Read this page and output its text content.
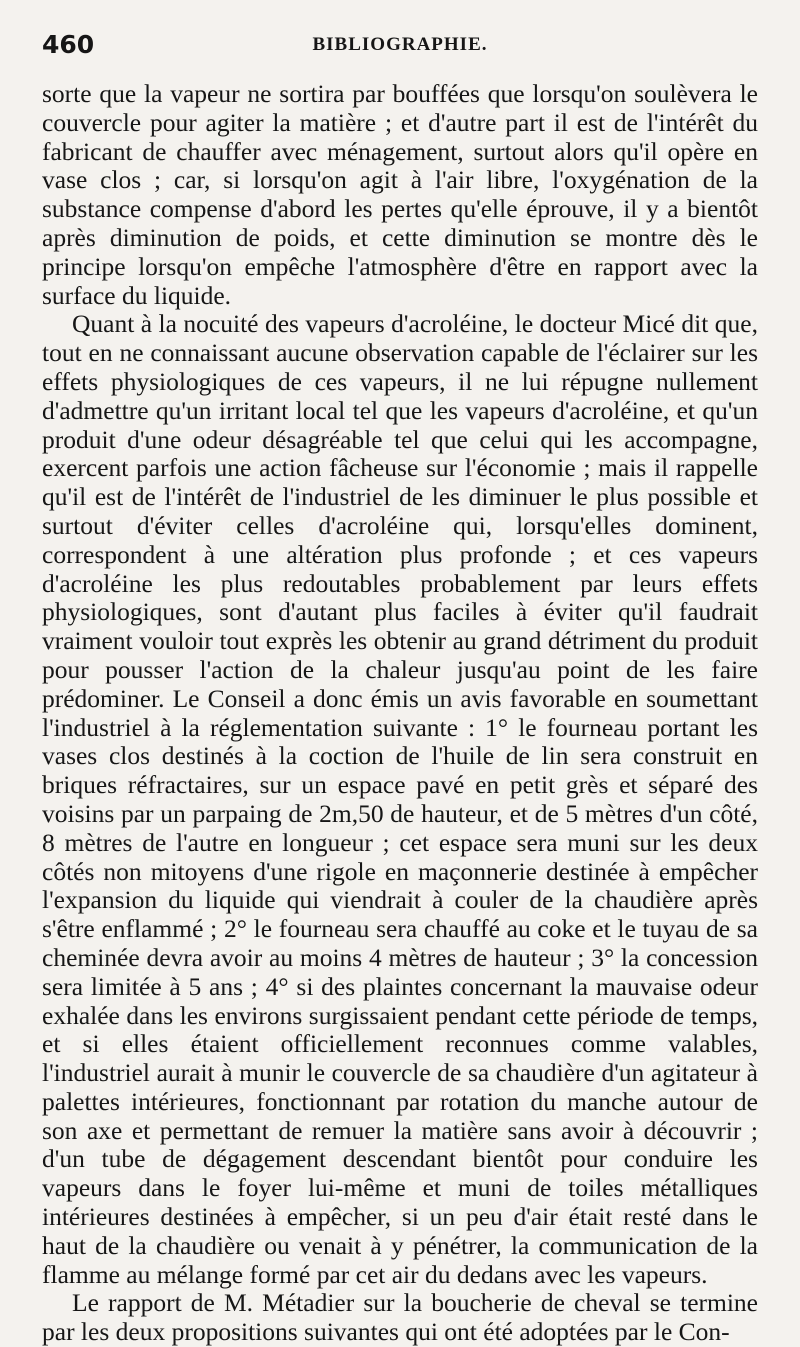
460	BIBLIOGRAPHIE.

sorte que la vapeur ne sortira par bouffées que lorsqu'on soulèvera le couvercle pour agiter la matière ; et d'autre part il est de l'intérêt du fabricant de chauffer avec ménagement, surtout alors qu'il opère en vase clos ; car, si lorsqu'on agit à l'air libre, l'oxygénation de la substance compense d'abord les pertes qu'elle éprouve, il y a bientôt après diminution de poids, et cette diminution se montre dès le principe lorsqu'on empêche l'atmosphère d'être en rapport avec la surface du liquide.

Quant à la nocuité des vapeurs d'acroléine, le docteur Micé dit que, tout en ne connaissant aucune observation capable de l'éclairer sur les effets physiologiques de ces vapeurs, il ne lui répugne nullement d'admettre qu'un irritant local tel que les vapeurs d'acroléine, et qu'un produit d'une odeur désagréable tel que celui qui les accompagne, exercent parfois une action fâcheuse sur l'économie ; mais il rappelle qu'il est de l'intérêt de l'industriel de les diminuer le plus possible et surtout d'éviter celles d'acroléine qui, lorsqu'elles dominent, correspondent à une altération plus profonde ; et ces vapeurs d'acroléine les plus redoutables probablement par leurs effets physiologiques, sont d'autant plus faciles à éviter qu'il faudrait vraiment vouloir tout exprès les obtenir au grand détriment du produit pour pousser l'action de la chaleur jusqu'au point de les faire prédominer. Le Conseil a donc émis un avis favorable en soumettant l'industriel à la réglementation suivante : 1° le fourneau portant les vases clos destinés à la coction de l'huile de lin sera construit en briques réfractaires, sur un espace pavé en petit grès et séparé des voisins par un parpaing de 2m,50 de hauteur, et de 5 mètres d'un côté, 8 mètres de l'autre en longueur ; cet espace sera muni sur les deux côtés non mitoyens d'une rigole en maçonnerie destinée à empêcher l'expansion du liquide qui viendrait à couler de la chaudière après s'être enflammé ; 2° le fourneau sera chauffé au coke et le tuyau de sa cheminée devra avoir au moins 4 mètres de hauteur ; 3° la concession sera limitée à 5 ans ; 4° si des plaintes concernant la mauvaise odeur exhalée dans les environs surgissaient pendant cette période de temps, et si elles étaient officiellement reconnues comme valables, l'industriel aurait à munir le couvercle de sa chaudière d'un agitateur à palettes intérieures, fonctionnant par rotation du manche autour de son axe et permettant de remuer la matière sans avoir à découvrir ; d'un tube de dégagement descendant bientôt pour conduire les vapeurs dans le foyer lui-même et muni de toiles métalliques intérieures destinées à empêcher, si un peu d'air était resté dans le haut de la chaudière ou venait à y pénétrer, la communication de la flamme au mélange formé par cet air du dedans avec les vapeurs.

Le rapport de M. Métadier sur la boucherie de cheval se termine par les deux propositions suivantes qui ont été adoptées par le Con-
